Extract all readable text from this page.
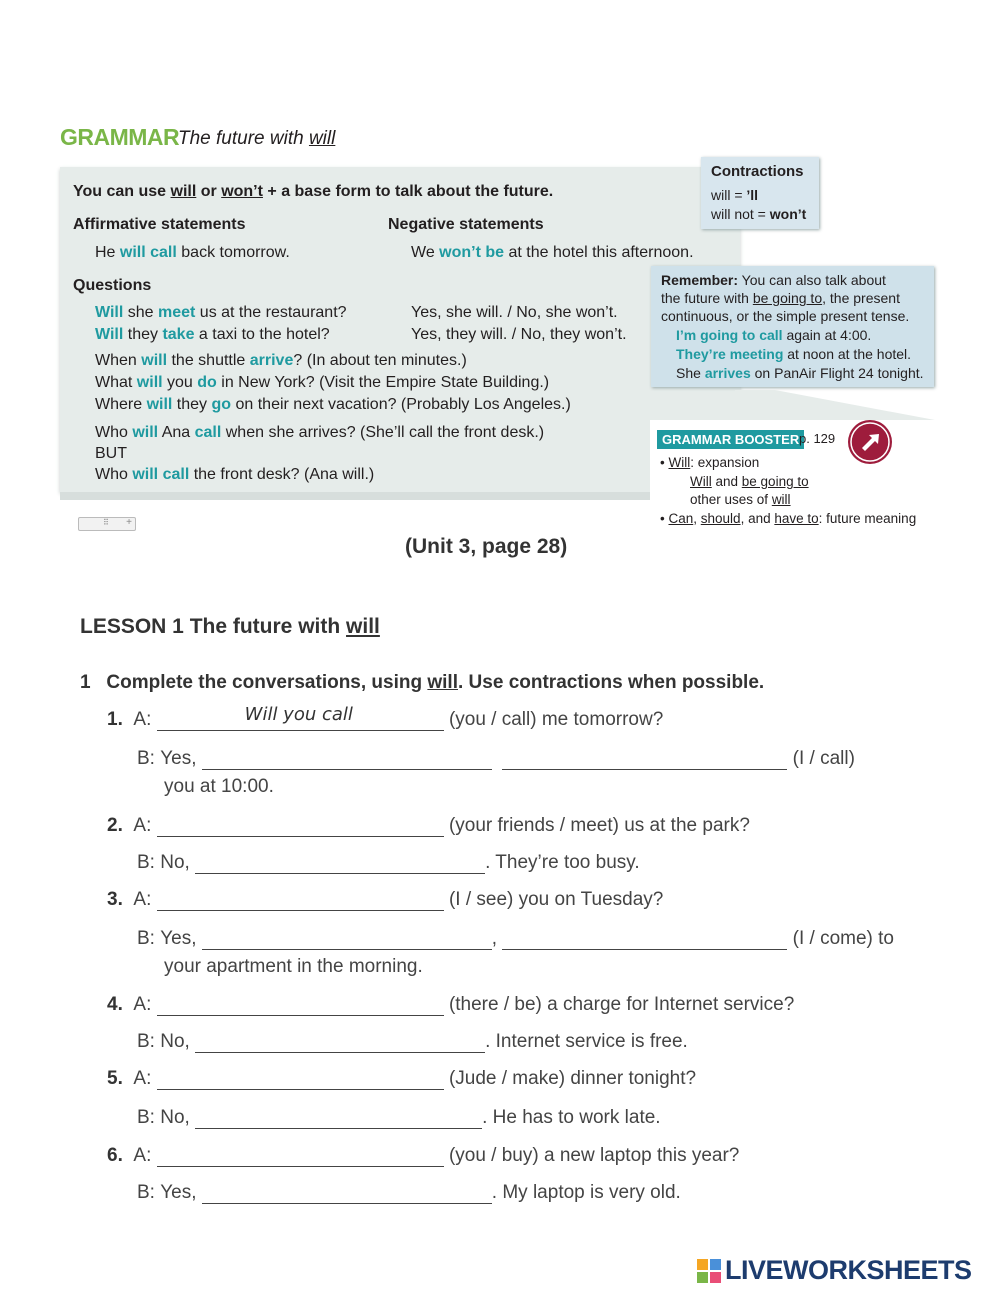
GRAMMAR
The future with will
You can use will or won’t + a base form to talk about the future.
Affirmative statements	Negative statements
He will call back tomorrow.	We won’t be at the hotel this afternoon.
Questions
Will she meet us at the restaurant?	Yes, she will. / No, she won’t.
Will they take a taxi to the hotel?	Yes, they will. / No, they won’t.
When will the shuttle arrive? (In about ten minutes.)
What will you do in New York? (Visit the Empire State Building.)
Where will they go on their next vacation? (Probably Los Angeles.)
Who will Ana call when she arrives? (She’ll call the front desk.)
BUT
Who will call the front desk? (Ana will.)
Contractions
will = ’ll
will not = won’t
Remember: You can also talk about
the future with be going to, the present
continuous, or the simple present tense.
I’m going to call again at 4:00.
They’re meeting at noon at the hotel.
She arrives on PanAir Flight 24 tonight.
GRAMMAR BOOSTER p. 129
• Will: expansion
Will and be going to
other uses of will
• Can, should, and have to: future meaning
⠿ +
(Unit 3, page 28)
LESSON 1 The future with will
1 Complete the conversations, using will. Use contractions when possible.
1. A:	Will you call	(you / call) me tomorrow?
B: Yes,	(I / call)
you at 10:00.
2. A:	(your friends / meet) us at the park?
B: No,	. They’re too busy.
3. A:	(I / see) you on Tuesday?
B: Yes,	,	(I / come) to
your apartment in the morning.
4. A:	(there / be) a charge for Internet service?
B: No,	. Internet service is free.
5. A:	(Jude / make) dinner tonight?
B: No,	. He has to work late.
6. A:	(you / buy) a new laptop this year?
B: Yes,	. My laptop is very old.
LIVEWORKSHEETS
